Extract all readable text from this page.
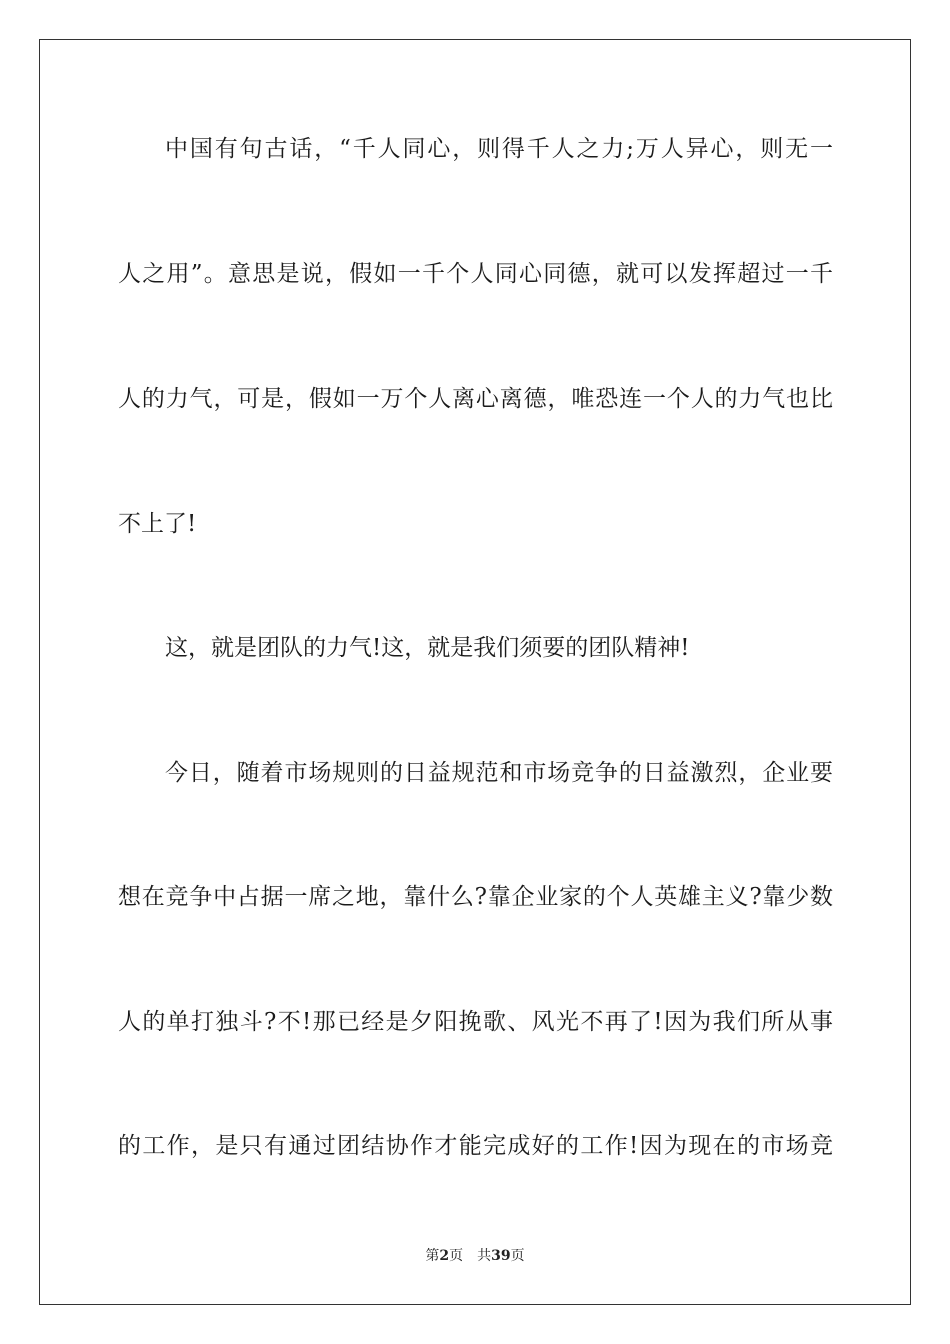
中国有句古话，“千人同心，则得千人之力;万人异心，则无一
人之用”。意思是说，假如一千个人同心同德，就可以发挥超过一千
人的力气，可是，假如一万个人离心离德，唯恐连一个人的力气也比
不上了!
这，就是团队的力气!这，就是我们须要的团队精神!
今日，随着市场规则的日益规范和市场竞争的日益激烈，企业要
想在竞争中占据一席之地，靠什么?靠企业家的个人英雄主义?靠少数
人的单打独斗?不!那已经是夕阳挽歌、风光不再了!因为我们所从事
的工作，是只有通过团结协作才能完成好的工作!因为现在的市场竞
第2页 共39页
